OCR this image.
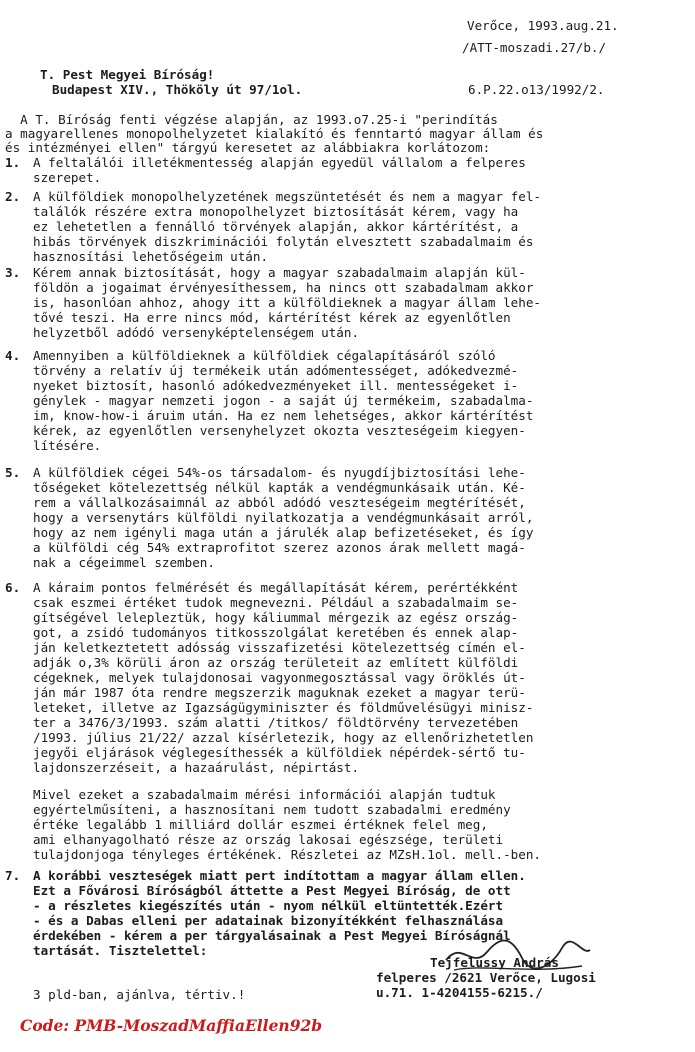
Verőce, 1993.aug.21.
/ATT-moszadi.27/b./
T. Pest Megyei Bíróság!
Budapest XIV., Thököly út 97/1ol.	6.P.22.o13/1992/2.
A T. Bíróság fenti végzése alapján, az 1993.o7.25-i "perindítás
a magyarellenes monopolhelyzetet kialakító és fenntartó magyar állam és
és intézményei ellen" tárgyú keresetet az alábbiakra korlátozom:
1. A feltalálói illetékmentesség alapján egyedül vállalom a felperes
szerepet.
2. A külföldiek monopolhelyzetének megszüntetését és nem a magyar fel-
találók részére extra monopolhelyzet biztosítását kérem, vagy ha
ez lehetetlen a fennálló törvények alapján, akkor kártérítést, a
hibás törvények diszkriminációi folytán elvesztett szabadalmaim és
hasznosítási lehetőségeim után.
3. Kérem annak biztosítását, hogy a magyar szabadalmaim alapján kül-
földön a jogaimat érvényesíthessem, ha nincs ott szabadalmam akkor
is, hasonlóan ahhoz, ahogy itt a külföldieknek a magyar állam lehe-
tővé teszi. Ha erre nincs mód, kártérítést kérek az egyenlőtlen
helyzetből adódó versenyképtelenségem után.
4. Amennyiben a külföldieknek a külföldiek cégalapításáról szóló
törvény a relatív új termékeik után adómentességet, adókedvezmé-
nyeket biztosít, hasonló adókedvezményeket ill. mentességeket i-
génylek - magyar nemzeti jogon - a saját új termékeim, szabadalma-
im, know-how-i áruim után. Ha ez nem lehetséges, akkor kártérítést
kérek, az egyenlőtlen versenyhelyzet okozta veszteségeim kiegyen-
lítésére.
5. A külföldiek cégei 54%-os társadalom- és nyugdíjbiztosítási lehe-
tőségeket kötelezettség nélkül kapták a vendégmunkásaik után. Ké-
rem a vállalkozásaimnál az abból adódó veszteségeim megtérítését,
hogy a versenytárs külföldi nyilatkozatja a vendégmunkásait arról,
hogy az nem igényli maga után a járulék alap befizetéseket, és így
a külföldi cég 54% extraprofitot szerez azonos árak mellett magá-
nak a cégeimmel szemben.
6. A káraim pontos felmérését és megállapítását kérem, perértékként
csak eszmei értéket tudok megnevezni. Például a szabadalmaim se-
gítségével lelepleztük, hogy káliummal mérgezik az egész ország-
got, a zsidó tudományos titkosszolgálat keretében és ennek alap-
ján keletkeztetett adósság visszafizetési kötelezettség címén el-
adják o,3% körüli áron az ország területeit az említett külföldi
cégeknek, melyek tulajdonosai vagyonmegosztással vagy öröklés út-
ján már 1987 óta rendre megszerzik maguknak ezeket a magyar terü-
leteket, illetve az Igazságügyminiszter és földművelésügyi minisz-
ter a 3476/3/1993. szám alatti /titkos/ földtörvény tervezetében
/1993. július 21/22/ azzal kísérletezik, hogy az ellenőrizhetetlen
jegyői eljárások véglegesíthessék a külföldiek népérdek-sértő tu-
lajdonszerzéseit, a hazaárulást, népirtást.
Mivel ezeket a szabadalmaim mérési információi alapján tudtuk
egyértelműsíteni, a hasznosítani nem tudott szabadalmi eredmény
értéke legalább 1 milliárd dollár eszmei értéknek felel meg,
ami elhanyagolható része az ország lakosai egészsége, területi
tulajdonjoga tényleges értékének. Részletei az MZsH.1ol. mell.-ben.
7. A korábbi veszteségek miatt pert indítottam a magyar állam ellen.
Ezt a Fővárosi Bíróságból áttette a Pest Megyei Bíróság, de ott
- a részletes kiegészítés után - nyom nélkül eltüntették.Ezért
- és a Dabas elleni per adatainak bizonyítékként felhasználása
érdekében - kérem a per tárgyalásainak a Pest Megyei Bíróságnál
tartását. Tisztelettel:
Tejfelussy András
felperes /2621 Verőce, Lugosi
u.71. 1-4204155-6215./
3 pld-ban, ajánlva, tértiv.!
Code: PMB-MoszadMaffiaEllen92b
